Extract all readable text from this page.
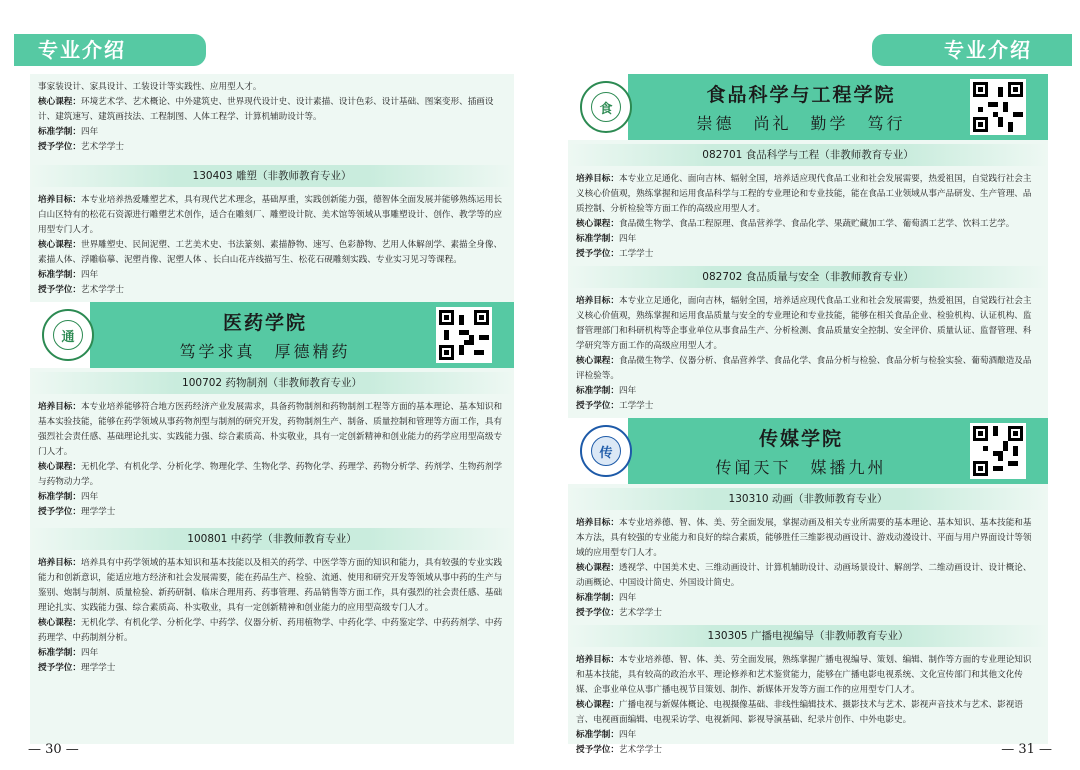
专业介绍	专业介绍
事家装设计、家具设计、工装设计等实践性、应用型人才。
核心课程：环境艺术学、艺术概论、中外建筑史、世界现代设计史、设计素描、设计色彩、设计基础、图案变形、插画设计、建筑速写、建筑画技法、工程制图、人体工程学、计算机辅助设计等。
标准学制：四年
授予学位：艺术学学士
130403 雕塑（非教师教育专业）
培养目标：本专业培养热爱雕塑艺术，具有现代艺术理念，基础厚重，实践创新能力强，德智体全面发展并能够熟练运用长白山区特有的松花石资源进行雕塑艺术创作，适合在雕刻厂、雕塑设计院、美术馆等领域从事雕塑设计、创作、教学等的应用型专门人才。
核心课程：世界雕塑史、民间泥塑、工艺美术史、书法篆刻、素描静物、速写、色彩静物、艺用人体解剖学、素描全身像、素描人体、浮雕临摹、泥塑肖像、泥塑人体 、长白山花卉线描写生、松花石砚雕刻实践、专业实习见习等课程。
标准学制：四年
授予学位：艺术学学士
通
医药学院
笃学求真　厚德精药
100702 药物制剂（非教师教育专业）
培养目标：本专业培养能够符合地方医药经济产业发展需求，具备药物制剂和药物制剂工程等方面的基本理论、基本知识和基本实验技能，能够在药学领域从事药物剂型与制剂的研究开发，药物制剂生产、制备、质量控制和管理等方面工作，具有强烈社会责任感、基础理论扎实、实践能力强、综合素质高、朴实敬业，具有一定创新精神和创业能力的药学应用型高级专门人才。
核心课程：无机化学、有机化学、分析化学、物理化学、生物化学、药物化学、药理学、药物分析学、药剂学、生物药剂学与药物动力学。
标准学制：四年
授予学位：理学学士
100801 中药学（非教师教育专业）
培养目标：培养具有中药学领域的基本知识和基本技能以及相关的药学、中医学等方面的知识和能力，具有较强的专业实践能力和创新意识，能适应地方经济和社会发展需要，能在药品生产、检验、流通、使用和研究开发等领域从事中药的生产与鉴别、炮制与制剂、质量检验、新药研制、临床合理用药、药事管理、药品销售等方面工作，具有强烈的社会责任感、基础理论扎实、实践能力强、综合素质高、朴实敬业，具有一定创新精神和创业能力的应用型高级专门人才。
核心课程：无机化学、有机化学、分析化学、中药学、仪器分析、药用植物学、中药化学、中药鉴定学、中药药剂学、中药药理学、中药制剂分析。
标准学制：四年
授予学位：理学学士
食
食品科学与工程学院
崇德　尚礼　勤学　笃行
082701 食品科学与工程（非教师教育专业）
培养目标：本专业立足通化、面向吉林、辐射全国，培养适应现代食品工业和社会发展需要，热爱祖国，自觉践行社会主义核心价值观，熟练掌握和运用食品科学与工程的专业理论和专业技能，能在食品工业领域从事产品研发、生产管理、品质控制、分析检验等方面工作的高级应用型人才。
核心课程：食品微生物学、食品工程原理、食品营养学、食品化学、果蔬贮藏加工学、葡萄酒工艺学、饮料工艺学。
标准学制：四年
授予学位：工学学士
082702 食品质量与安全（非教师教育专业）
培养目标：本专业立足通化，面向吉林，辐射全国，培养适应现代食品工业和社会发展需要，热爱祖国，自觉践行社会主义核心价值观，熟练掌握和运用食品质量与安全的专业理论和专业技能，能够在相关食品企业、检验机构、认证机构、监督管理部门和科研机构等企事业单位从事食品生产、分析检测、食品质量安全控制、安全评价、质量认证、监督管理、科学研究等方面工作的高级应用型人才。
核心课程：食品微生物学、仪器分析、食品营养学、食品化学、食品分析与检验、食品分析与检验实验、葡萄酒酿造及品评检验等。
标准学制：四年
授予学位：工学学士
传
传媒学院
传闻天下　媒播九州
130310 动画（非教师教育专业）
培养目标：本专业培养德、智、体、美、劳全面发展，掌握动画及相关专业所需要的基本理论、基本知识、基本技能和基本方法，具有较强的专业能力和良好的综合素质，能够胜任三维影视动画设计、游戏动漫设计、平面与用户界面设计等领域的应用型专门人才。
核心课程：透视学、中国美术史、三维动画设计、计算机辅助设计、动画场景设计、解剖学、二维动画设计、设计概论、动画概论、中国设计简史、外国设计简史。
标准学制：四年
授予学位：艺术学学士
130305 广播电视编导（非教师教育专业）
培养目标：本专业培养德、智、体、美、劳全面发展，熟练掌握广播电视编导、策划、编辑、制作等方面的专业理论知识和基本技能，具有较高的政治水平、理论修养和艺术鉴赏能力，能够在广播电影电视系统、文化宣传部门和其他文化传媒、企事业单位从事广播电视节目策划、制作、新媒体开发等方面工作的应用型专门人才。
核心课程：广播电视与新媒体概论、电视摄像基础、非线性编辑技术、摄影技术与艺术、影视声音技术与艺术、影视语言、电视画面编辑、电视采访学、电视新闻、影视导演基础、纪录片创作、中外电影史。
标准学制：四年
授予学位：艺术学学士
— 30 —	— 31 —
